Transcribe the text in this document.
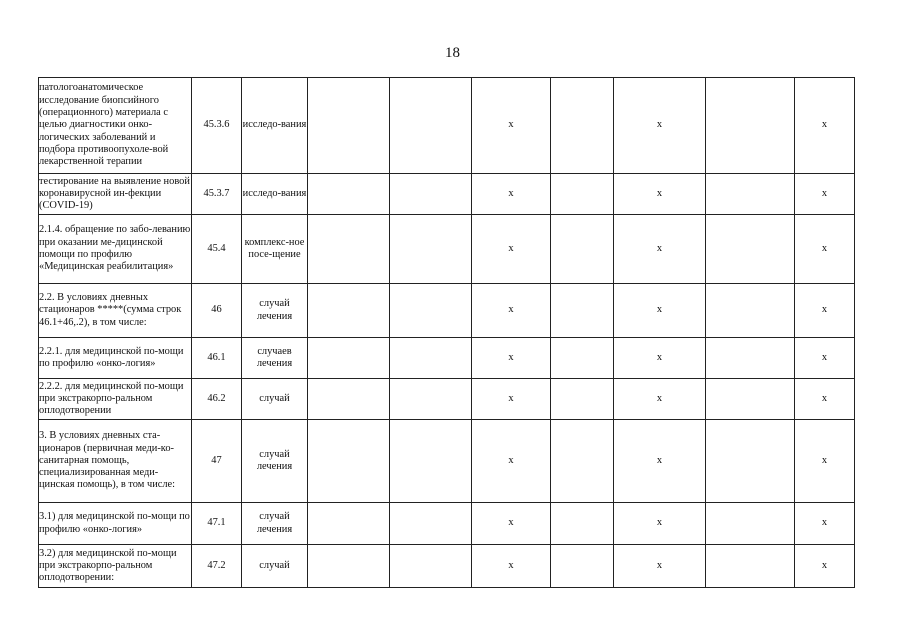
18
патологоанатомическое исследование биопсийного (операционного) материала с целью диагностики онко-логических заболеваний и подбора противоопухоле-вой лекарственной терапии	45.3.6	исследо-вания			x		x		x
тестирование на выявление новой коронавирусной ин-фекции (COVID-19)	45.3.7	исследо-вания			x		x		x
2.1.4. обращение по забо-леванию при оказании ме-дицинской помощи по профилю «Медицинская реабилитация»	45.4	комплекс-ное посе-щение			x		x		x
2.2. В условиях дневных стационаров *****(сумма строк 46.1+46,.2), в том числе:	46	случай лечения			x		x		x
2.2.1. для медицинской по-мощи по профилю «онко-логия»	46.1	случаев лечения			x		x		x
2.2.2. для медицинской по-мощи при экстракорпо-ральном оплодотворении	46.2	случай			x		x		x
3. В условиях дневных ста-ционаров (первичная меди-ко-санитарная помощь, специализированная меди-цинская помощь), в том числе:	47	случай лечения			x		x		x
3.1) для медицинской по-мощи по профилю «онко-логия»	47.1	случай лечения			x		x		x
3.2) для медицинской по-мощи при экстракорпо-ральном оплодотворении:	47.2	случай			x		x		x
